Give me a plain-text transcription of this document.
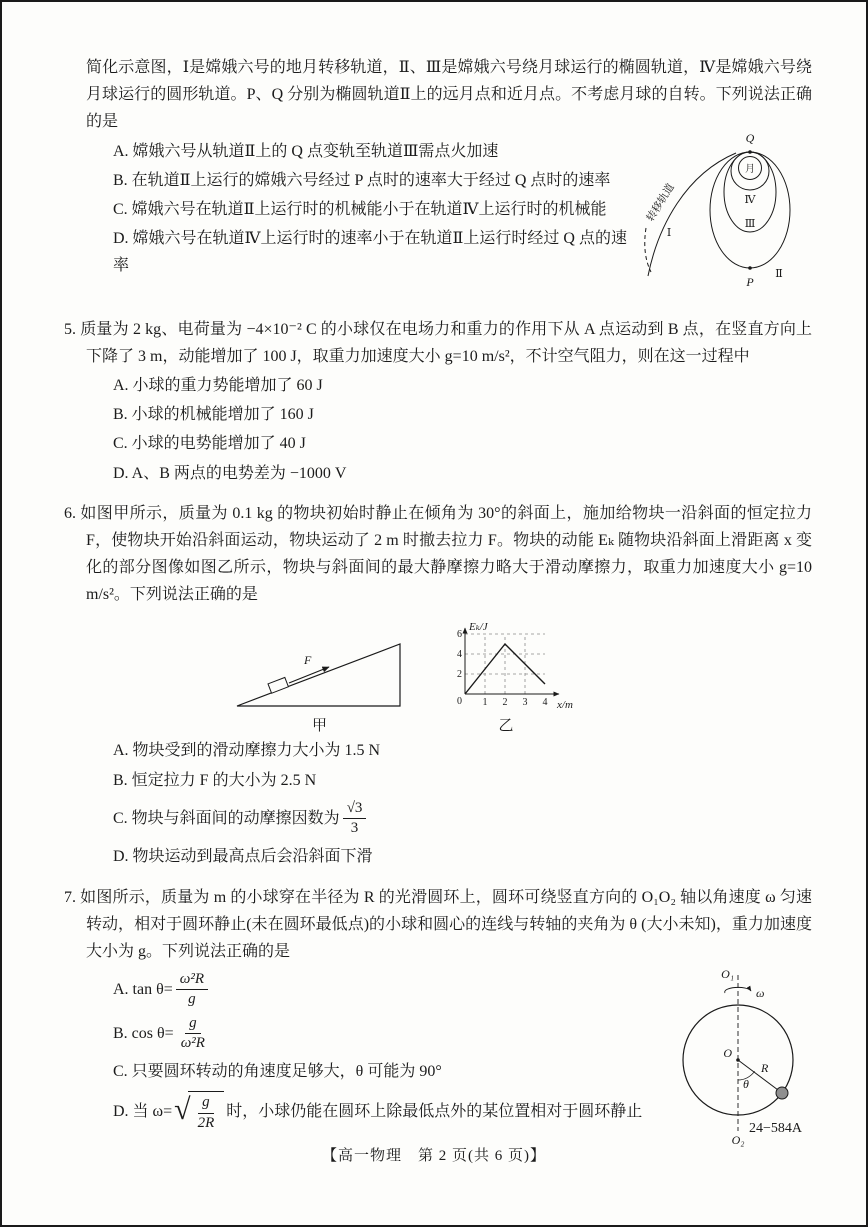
简化示意图，Ⅰ是嫦娥六号的地月转移轨道，Ⅱ、Ⅲ是嫦娥六号绕月球运行的椭圆轨道，Ⅳ是嫦娥六号绕月球运行的圆形轨道。P、Q 分别为椭圆轨道Ⅱ上的远月点和近月点。不考虑月球的自转。下列说法正确的是

A. 嫦娥六号从轨道Ⅱ上的 Q 点变轨至轨道Ⅲ需点火加速
B. 在轨道Ⅱ上运行的嫦娥六号经过 P 点时的速率大于经过 Q 点时的速率
C. 嫦娥六号在轨道Ⅱ上运行时的机械能小于在轨道Ⅳ上运行时的机械能
D. 嫦娥六号在轨道Ⅳ上运行时的速率小于在轨道Ⅱ上运行时经过 Q 点的速率
Q
月
Ⅳ
Ⅲ
Ⅱ
Ⅰ
P
转移轨道

5. 质量为 2 kg、电荷量为 −4×10⁻² C 的小球仅在电场力和重力的作用下从 A 点运动到 B 点，在竖直方向上下降了 3 m，动能增加了 100 J，取重力加速度大小 g=10 m/s²，不计空气阻力，则在这一过程中

A. 小球的重力势能增加了 60 J
B. 小球的机械能增加了 160 J
C. 小球的电势能增加了 40 J
D. A、B 两点的电势差为 −1000 V

6. 如图甲所示，质量为 0.1 kg 的物块初始时静止在倾角为 30°的斜面上，施加给物块一沿斜面的恒定拉力 F，使物块开始沿斜面运动，物块运动了 2 m 时撤去拉力 F。物块的动能 Eₖ 随物块沿斜面上滑距离 x 变化的部分图像如图乙所示，物块与斜面间的最大静摩擦力略大于滑动摩擦力，取重力加速度大小 g=10 m/s²。下列说法正确的是

F
甲
2
4
6
1 2 3 4
0
Eₖ/J
x/m
乙
A. 物块受到的滑动摩擦力大小为 1.5 N
B. 恒定拉力 F 的大小为 2.5 N
C. 物块与斜面间的动摩擦因数为 $\frac{√3}{3}$
D. 物块运动到最高点后会沿斜面下滑

7. 如图所示，质量为 m 的小球穿在半径为 R 的光滑圆环上，圆环可绕竖直方向的 O₁O₂ 轴以角速度 ω 匀速转动，相对于圆环静止(未在圆环最低点)的小球和圆心的连线与转轴的夹角为 θ (大小未知)，重力加速度大小为 g。下列说法正确的是

A. $\tan \theta= \frac{\text{ω²R}}{g}$
B. $\cos \theta= \frac{g}{\text{ω²R}}$
C. 只要圆环转动的角速度足够大，θ 可能为 90°
O₁
ω
O
R
θ
O₂
D. 当 ω= √ $\frac{g}{2R}$ 时，小球仍能在圆环上除最低点外的某位置相对于圆环静止
24−584A
【高一物理　第 2 页(共 6 页)】
